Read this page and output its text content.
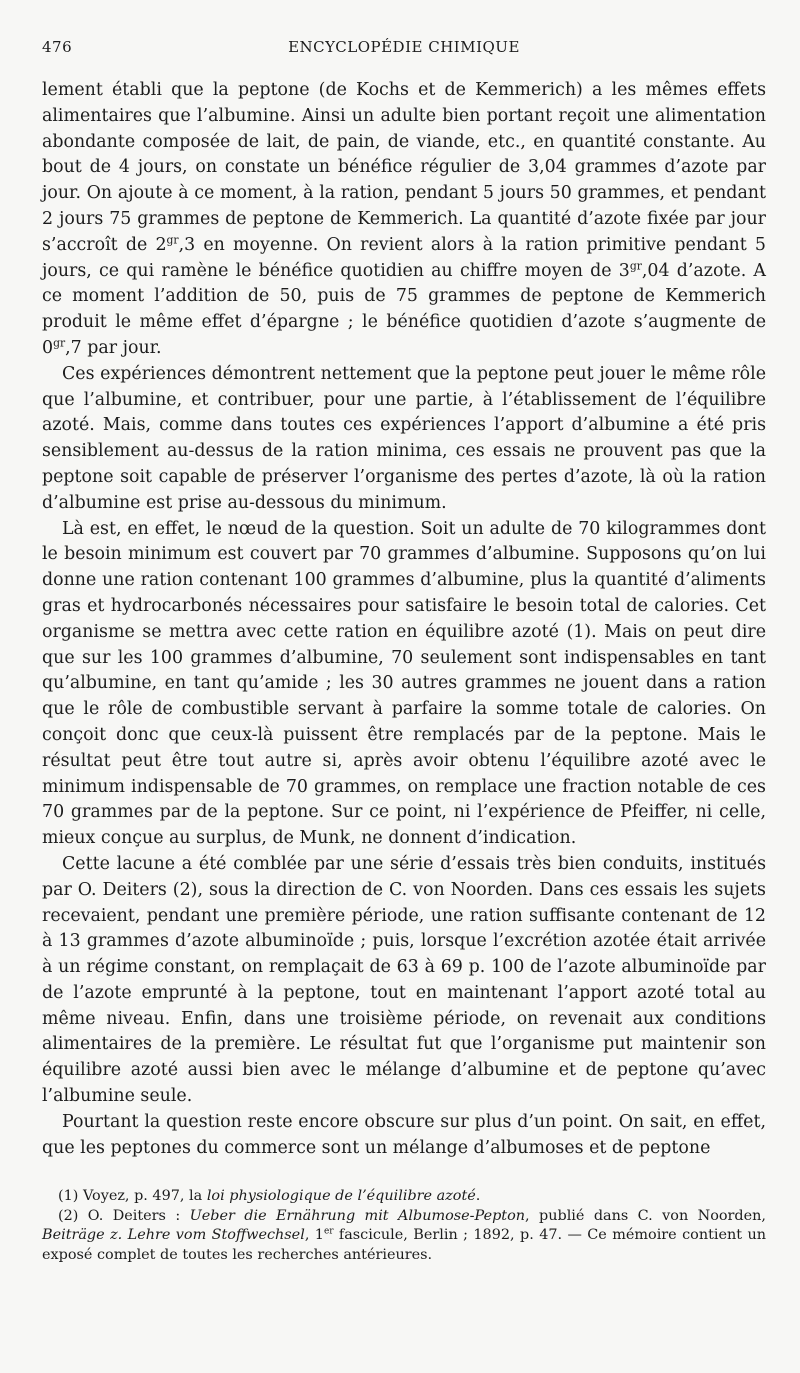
476	ENCYCLOPÉDIE CHIMIQUE

lement établi que la peptone (de Kochs et de Kemmerich) a les mêmes effets alimentaires que l’albumine. Ainsi un adulte bien portant reçoit une alimentation abondante composée de lait, de pain, de viande, etc., en quantité constante. Au bout de 4 jours, on constate un bénéfice régulier de 3,04 grammes d’azote par jour. On ajoute à ce moment, à la ration, pendant 5 jours 50 grammes, et pendant 2 jours 75 grammes de peptone de Kemmerich. La quantité d’azote fixée par jour s’accroît de $2^{gr},3$ en moyenne. On revient alors à la ration primitive pendant 5 jours, ce qui ramène le bénéfice quotidien au chiffre moyen de $3^{gr},04$ d’azote. A ce moment l’addition de 50, puis de 75 grammes de peptone de Kemmerich produit le même effet d’épargne ; le bénéfice quotidien d’azote s’augmente de $0^{gr},7$ par jour.

Ces expériences démontrent nettement que la peptone peut jouer le même rôle que l’albumine, et contribuer, pour une partie, à l’établissement de l’équilibre azoté. Mais, comme dans toutes ces expériences l’apport d’albumine a été pris sensiblement au-dessus de la ration minima, ces essais ne prouvent pas que la peptone soit capable de préserver l’organisme des pertes d’azote, là où la ration d’albumine est prise au-dessous du minimum.

Là est, en effet, le nœud de la question. Soit un adulte de 70 kilogrammes dont le besoin minimum est couvert par 70 grammes d’albumine. Supposons qu’on lui donne une ration contenant 100 grammes d’albumine, plus la quantité d’aliments gras et hydrocarbonés nécessaires pour satisfaire le besoin total de calories. Cet organisme se mettra avec cette ration en équilibre azoté (1). Mais on peut dire que sur les 100 grammes d’albumine, 70 seulement sont indispensables en tant qu’albumine, en tant qu’amide ; les 30 autres grammes ne jouent dans a ration que le rôle de combustible servant à parfaire la somme totale de calories. On conçoit donc que ceux-là puissent être remplacés par de la peptone. Mais le résultat peut être tout autre si, après avoir obtenu l’équilibre azoté avec le minimum indispensable de 70 grammes, on remplace une fraction notable de ces 70 grammes par de la peptone. Sur ce point, ni l’expérience de Pfeiffer, ni celle, mieux conçue au surplus, de Munk, ne donnent d’indication.

Cette lacune a été comblée par une série d’essais très bien conduits, institués par O. Deiters (2), sous la direction de C. von Noorden. Dans ces essais les sujets recevaient, pendant une première période, une ration suffisante contenant de 12 à 13 grammes d’azote albuminoïde ; puis, lorsque l’excrétion azotée était arrivée à un régime constant, on remplaçait de 63 à 69 p. 100 de l’azote albuminoïde par de l’azote emprunté à la peptone, tout en maintenant l’apport azoté total au même niveau. Enfin, dans une troisième période, on revenait aux conditions alimentaires de la première. Le résultat fut que l’organisme put maintenir son équilibre azoté aussi bien avec le mélange d’albumine et de peptone qu’avec l’albumine seule.

Pourtant la question reste encore obscure sur plus d’un point. On sait, en effet, que les peptones du commerce sont un mélange d’albumoses et de peptone

(1) Voyez, p. 497, la loi physiologique de l’équilibre azoté.

(2) O. Deiters : Ueber die Ernährung mit Albumose-Pepton, publié dans C. von Noorden, Beiträge z. Lehre vom Stoffwechsel, 1er fascicule, Berlin ; 1892, p. 47. — Ce mémoire contient un exposé complet de toutes les recherches antérieures.
